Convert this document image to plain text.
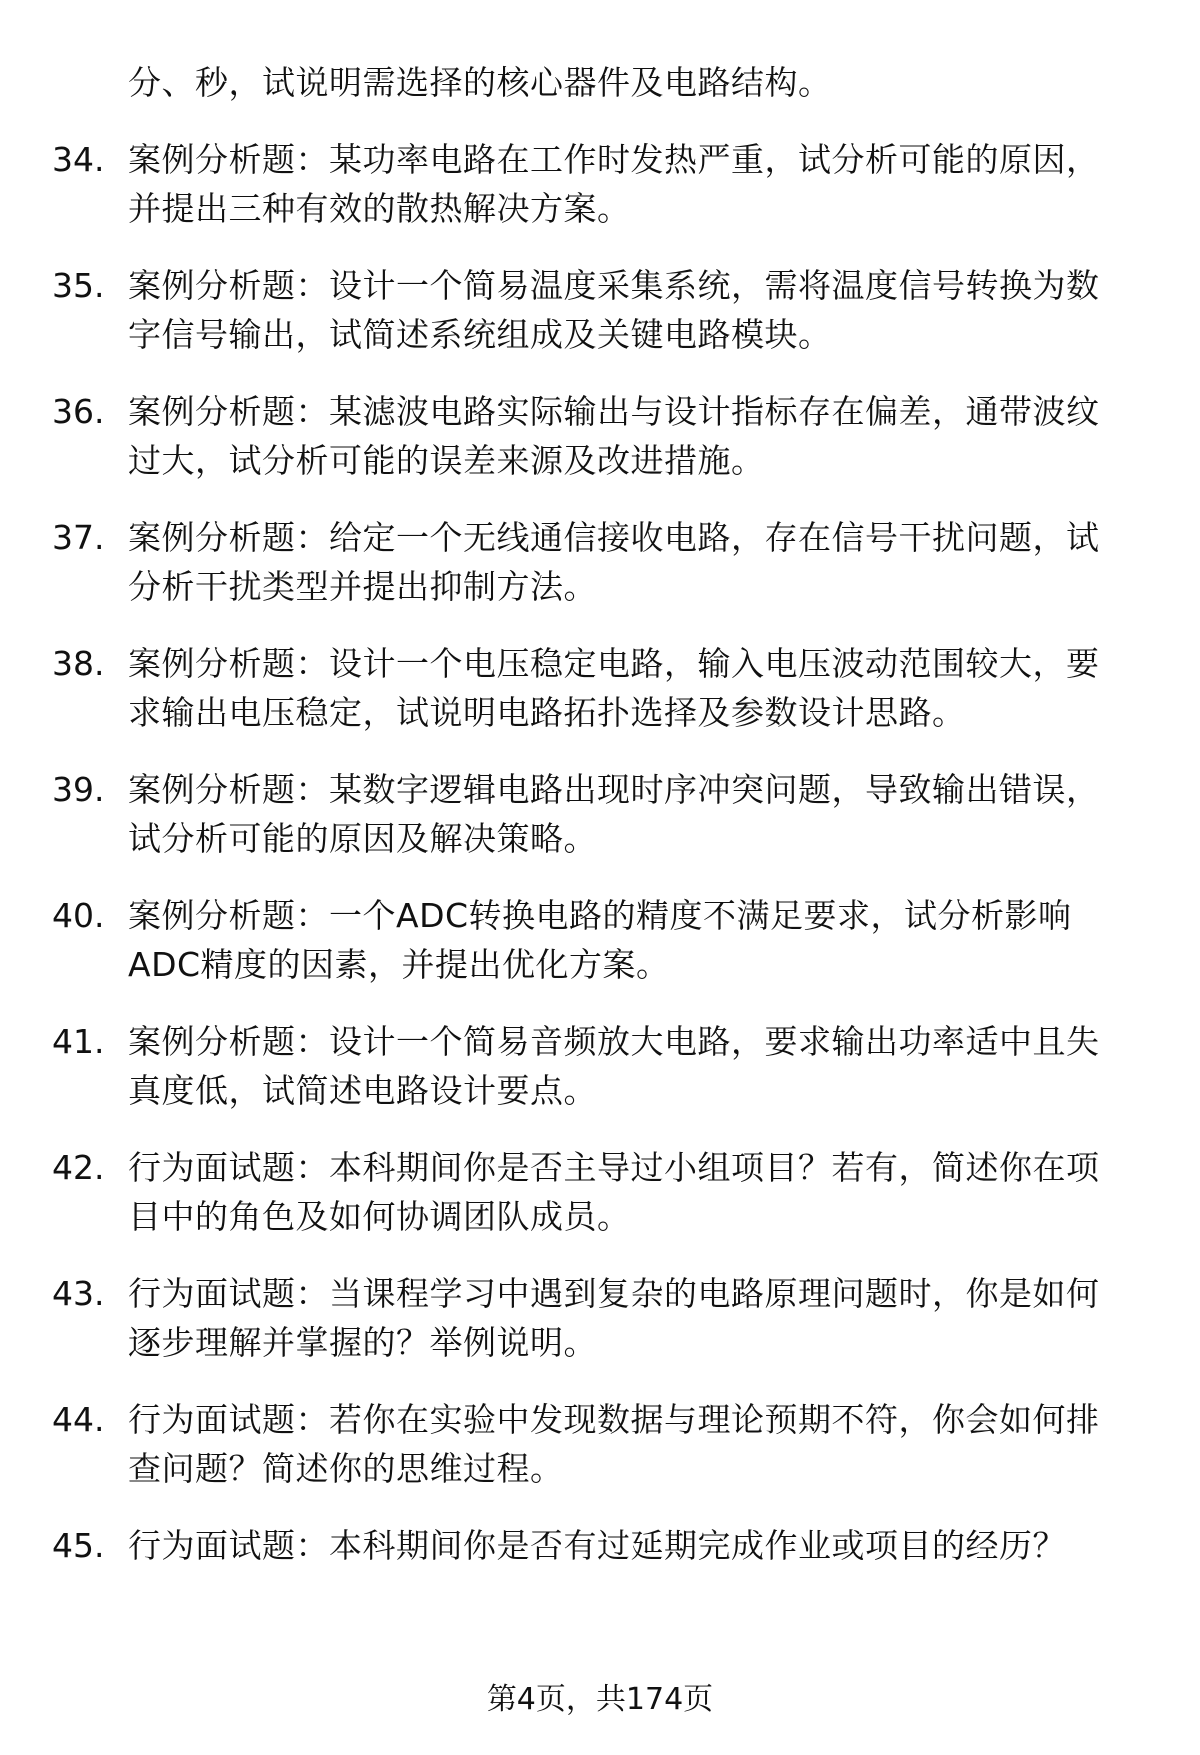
分、秒，试说明需选择的核心器件及电路结构。
34. 案例分析题：某功率电路在工作时发热严重，试分析可能的原因，并提出三种有效的散热解决方案。
35. 案例分析题：设计一个简易温度采集系统，需将温度信号转换为数字信号输出，试简述系统组成及关键电路模块。
36. 案例分析题：某滤波电路实际输出与设计指标存在偏差，通带波纹过大，试分析可能的误差来源及改进措施。
37. 案例分析题：给定一个无线通信接收电路，存在信号干扰问题，试分析干扰类型并提出抑制方法。
38. 案例分析题：设计一个电压稳定电路，输入电压波动范围较大，要求输出电压稳定，试说明电路拓扑选择及参数设计思路。
39. 案例分析题：某数字逻辑电路出现时序冲突问题，导致输出错误，试分析可能的原因及解决策略。
40. 案例分析题：一个ADC转换电路的精度不满足要求，试分析影响ADC精度的因素，并提出优化方案。
41. 案例分析题：设计一个简易音频放大电路，要求输出功率适中且失真度低，试简述电路设计要点。
42. 行为面试题：本科期间你是否主导过小组项目？若有，简述你在项目中的角色及如何协调团队成员。
43. 行为面试题：当课程学习中遇到复杂的电路原理问题时，你是如何逐步理解并掌握的？举例说明。
44. 行为面试题：若你在实验中发现数据与理论预期不符，你会如何排查问题？简述你的思维过程。
45. 行为面试题：本科期间你是否有过延期完成作业或项目的经历？
第4页，共174页
